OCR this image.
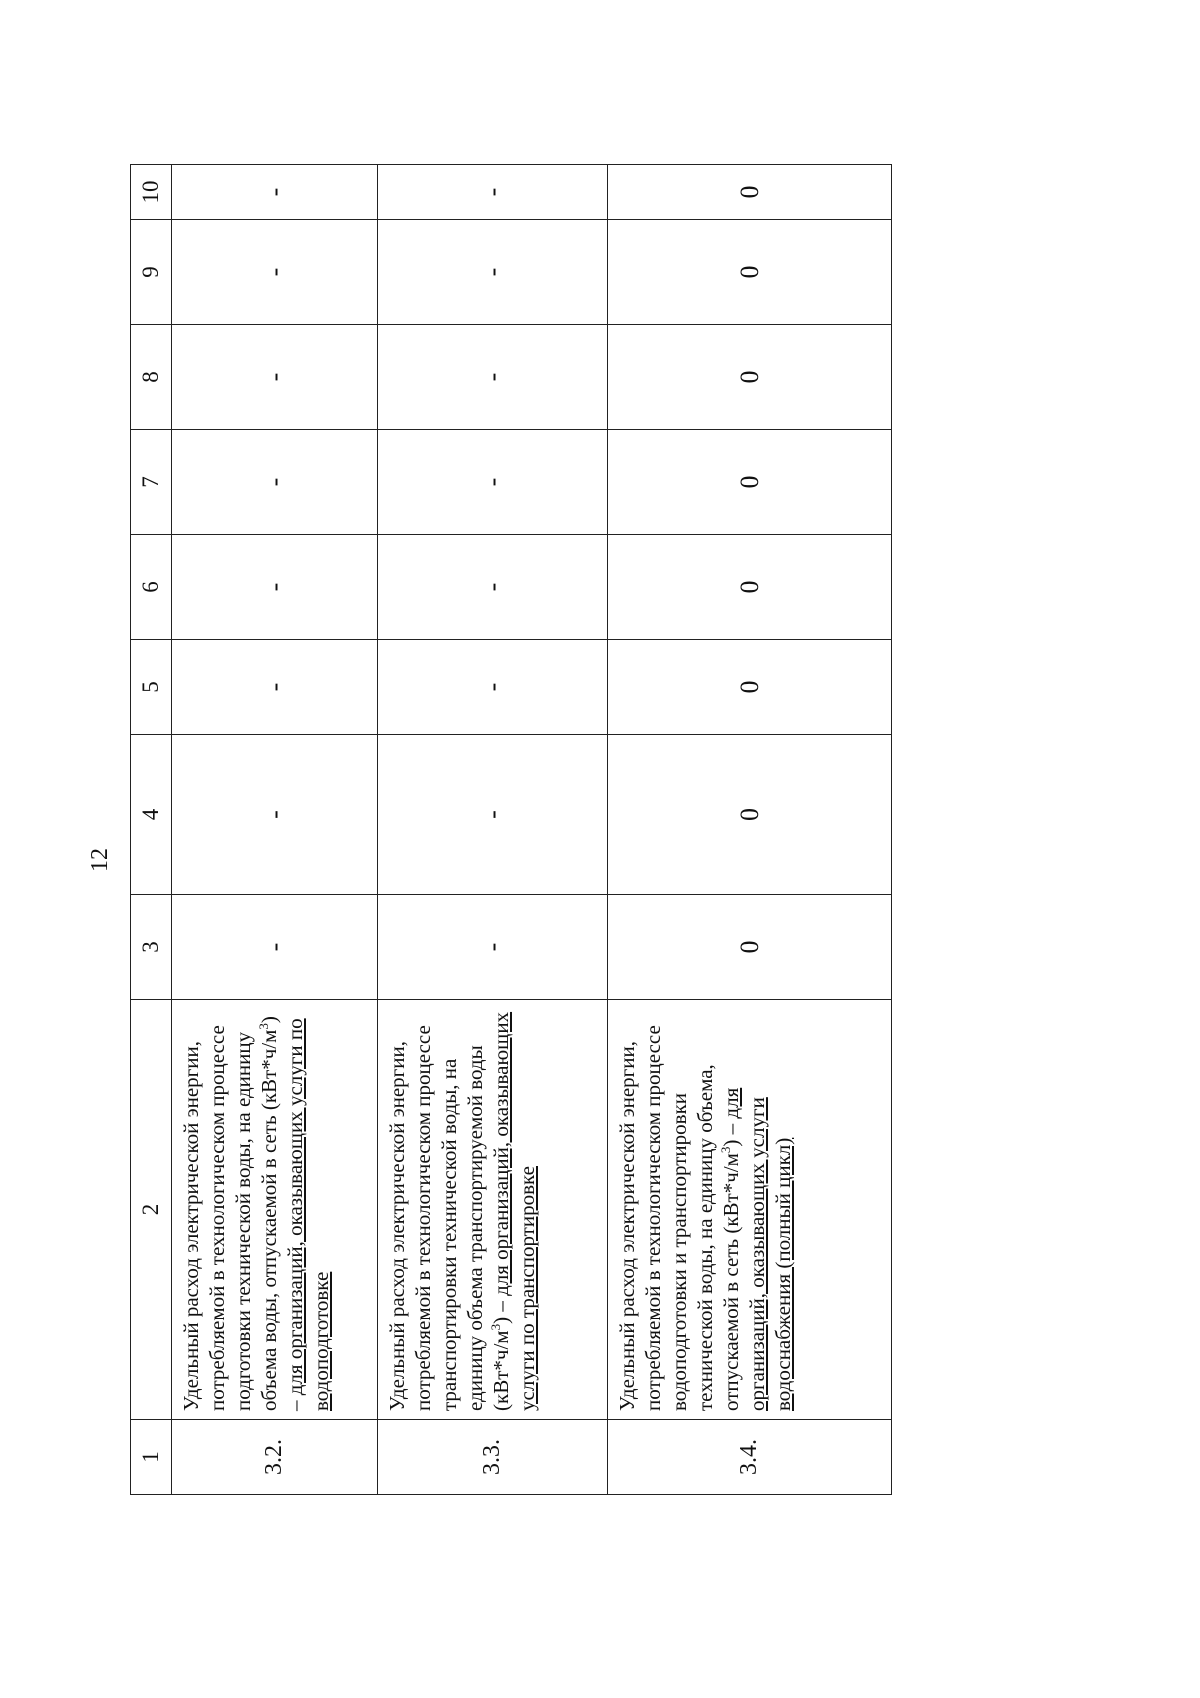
12
1	2	3	4	5	6	7	8	9	10
3.2.	Удельный расход электрической энергии, потребляемой в технологическом процессе подготовки технической воды, на единицу объема воды, отпускаемой в сеть $(кВт*ч/м^3)$ – для организаций, оказывающих услуги по водоподготовке	-	-	-	-	-	-	-	-
3.3.	Удельный расход электрической энергии, потребляемой в технологическом процессе транспортировки технической воды, на единицу объема транспортируемой воды $(кВт*ч/м^3)$ – для организаций, оказывающих услуги по транспортировке	-	-	-	-	-	-	-	-
3.4.	Удельный расход электрической энергии, потребляемой в технологическом процессе водоподготовки и транспортировки технической воды, на единицу объема, отпускаемой в сеть $(кВт*ч/м^3)$ – для организаций, оказывающих услуги водоснабжения (полный цикл)	0	0	0	0	0	0	0	0
